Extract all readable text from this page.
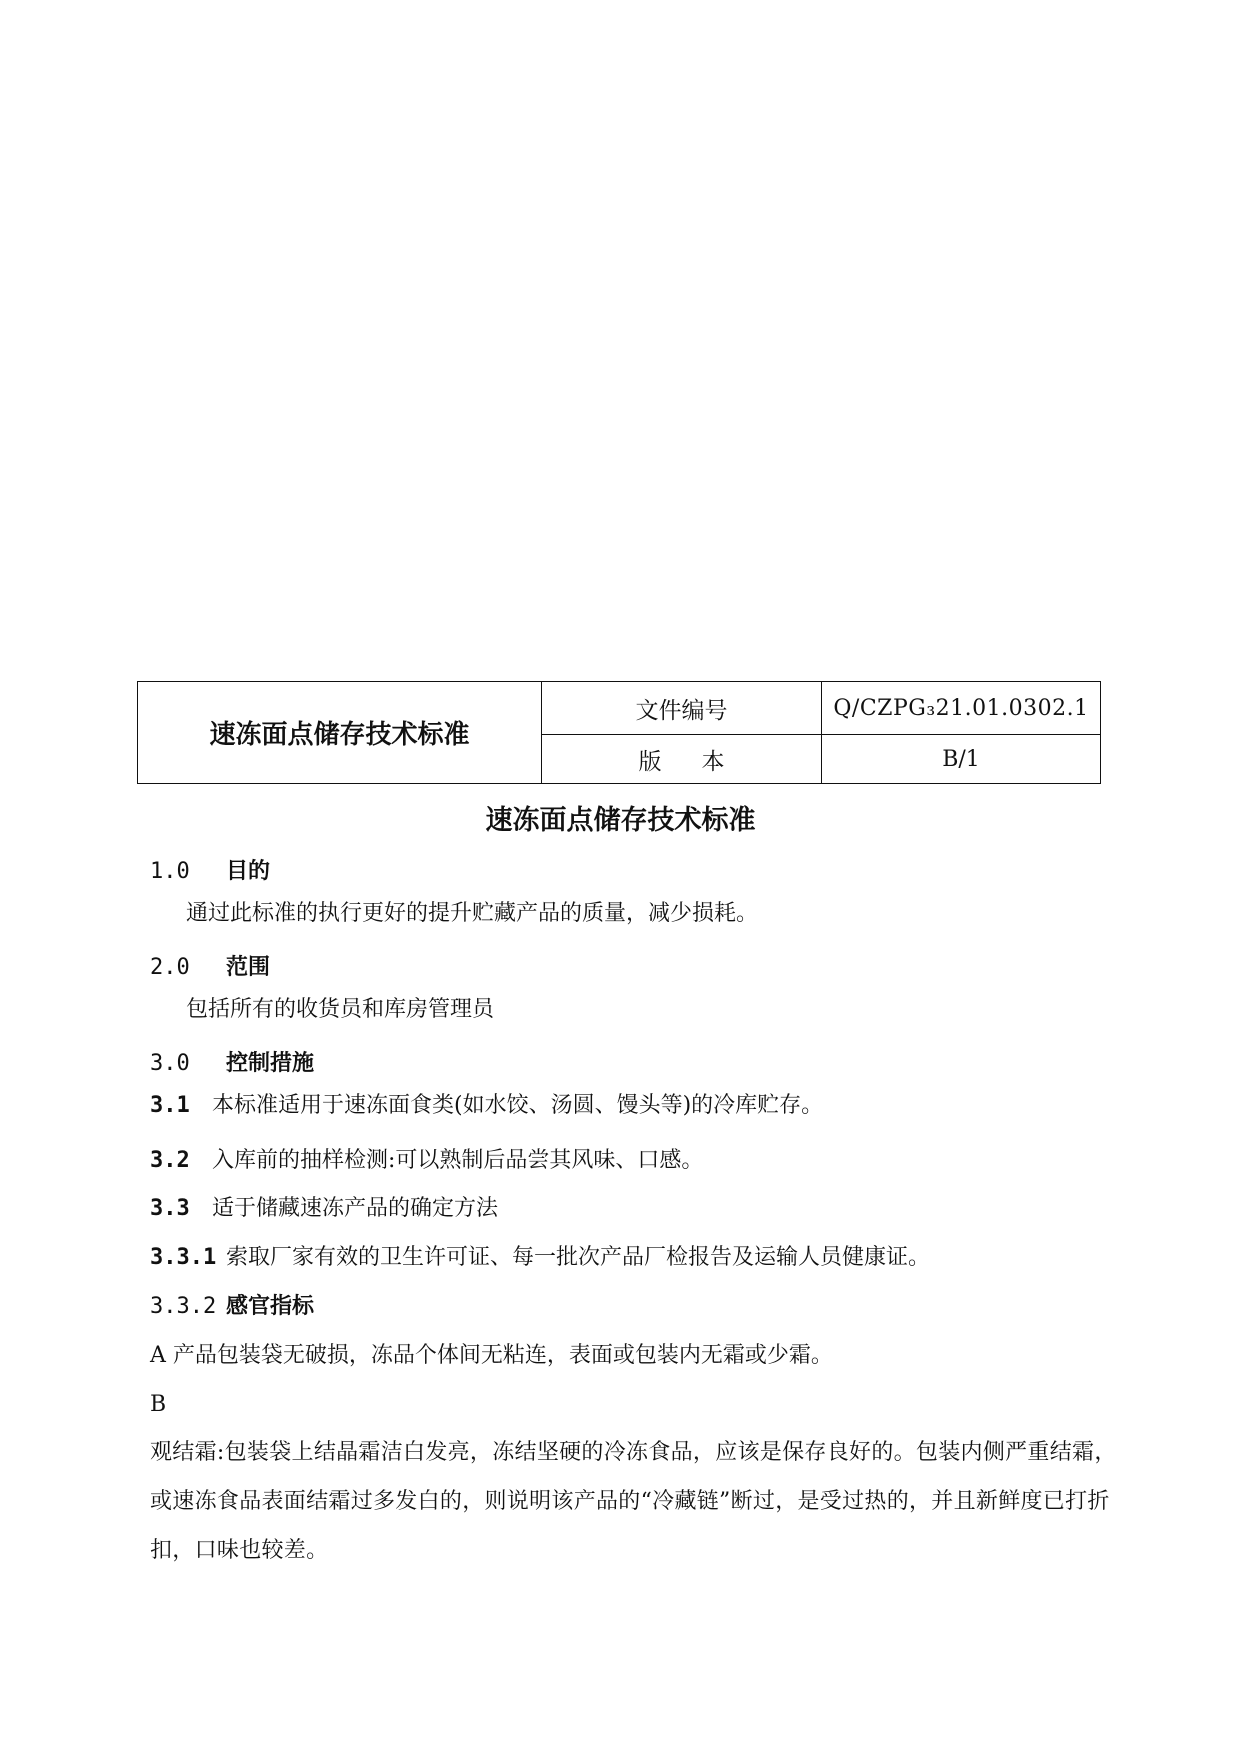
速冻面点储存技术标准
文件编号	Q/CZPG₃21.01.0302.1
版本	B/1
速冻面点储存技术标准
1.0 目的
通过此标准的执行更好的提升贮藏产品的质量，减少损耗。
2.0 范围
包括所有的收货员和库房管理员
3.0 控制措施
3.1 本标准适用于速冻面食类(如水饺、汤圆、馒头等)的冷库贮存。
3.2 入库前的抽样检测:可以熟制后品尝其风味、口感。
3.3 适于储藏速冻产品的确定方法
3.3.1 索取厂家有效的卫生许可证、每一批次产品厂检报告及运输人员健康证。
3.3.2 感官指标
A 产品包装袋无破损，冻品个体间无粘连，表面或包装内无霜或少霜。
B
观结霜:包装袋上结晶霜洁白发亮，冻结坚硬的冷冻食品，应该是保存良好的。包装内侧严重结霜，或速冻食品表面结霜过多发白的，则说明该产品的“冷藏链”断过，是受过热的，并且新鲜度已打折扣，口味也较差。
